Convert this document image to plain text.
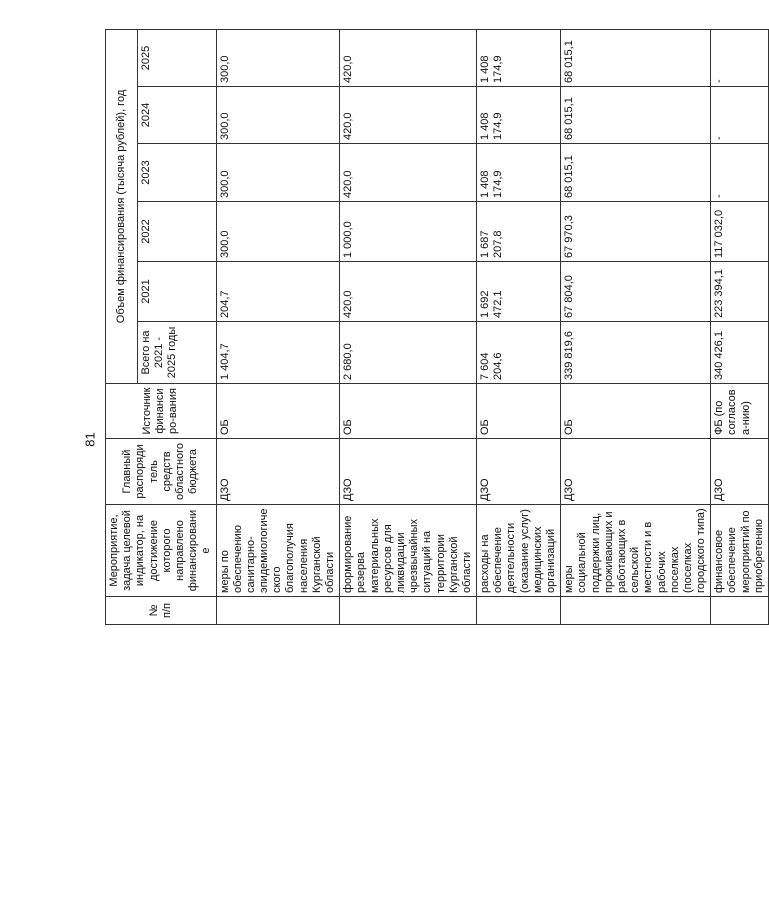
81
№ п/п	Мероприятие, задача целевой индикатор, на достижение которого направлено финансирование	Главный распорядитель средств областного бюджета	Источник финансиро-вания	Объем финансирования (тысяча рублей), год					
				Всего на 2021 - 2025 годы	2021	2022	2023	2024	2025
	меры по обеспечению санитарно-эпидемиологического благополучия населения Курганской области	ДЗО	ОБ	1 404,7	204,7	300,0	300,0	300,0	300,0
	формирование резерва материальных ресурсов для ликвидации чрезвычайных ситуаций на территории Курганской области	ДЗО	ОБ	2 680,0	420,0	1 000,0	420,0	420,0	420,0
	расходы на обеспечение деятельности (оказание услуг) медицинских организаций	ДЗО	ОБ	7 604 204,6	1 692 472,1	1 687 207,8	1 408 174,9	1 408 174,9	1 408 174,9
	меры социальной поддержки лиц, проживающих и работающих в сельской местности и в рабочих поселках (поселках городского типа)	ДЗО	ОБ	339 819,6	67 804,0	67 970,3	68 015,1	68 015,1	68 015,1
	финансовое обеспечение мероприятий по приобретению	ДЗО	ФБ (по согласова-нию)	340 426,1	223 394,1	117 032,0	-	-	-
